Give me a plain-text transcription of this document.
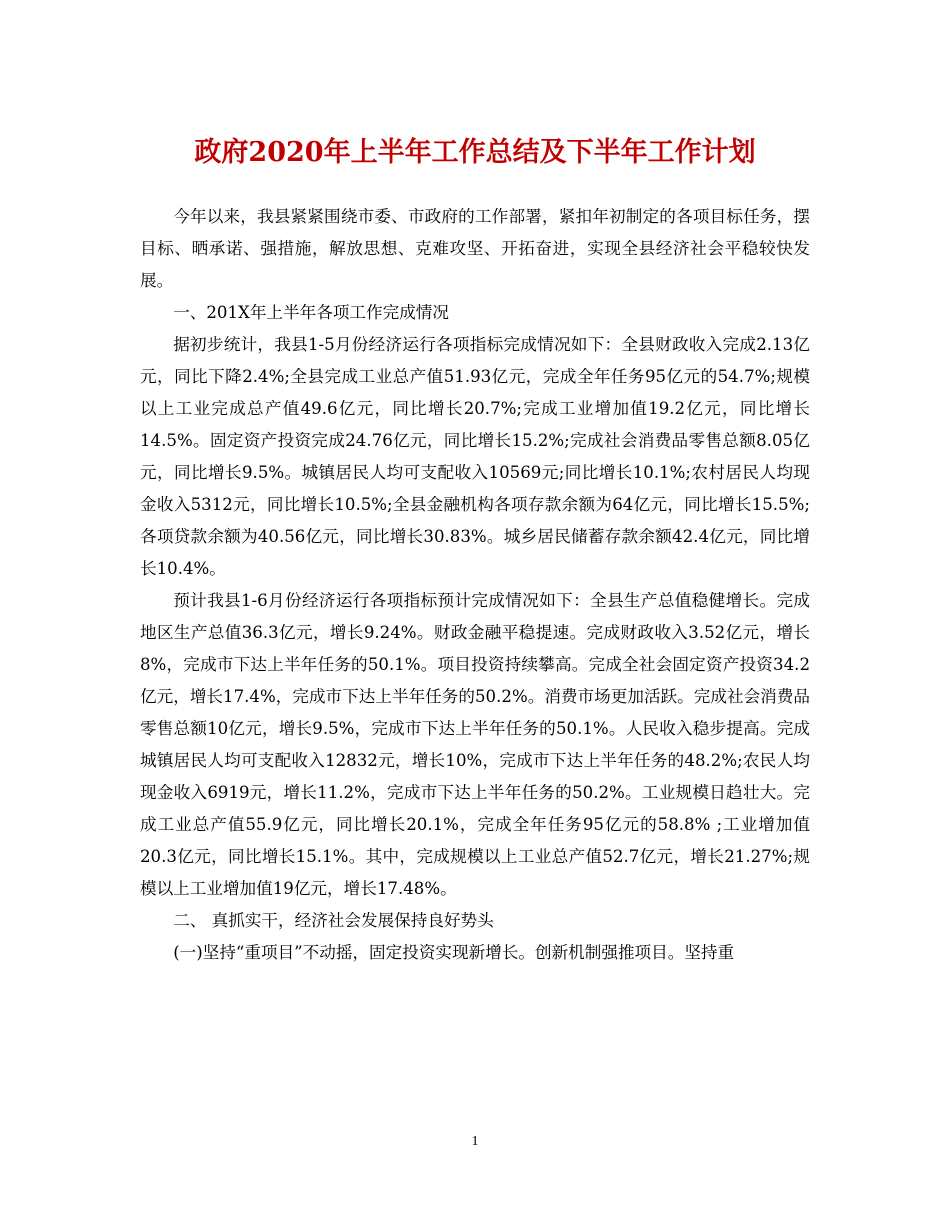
政府2020年上半年工作总结及下半年工作计划

今年以来，我县紧紧围绕市委、市政府的工作部署，紧扣年初制定的各项目标任务，摆目标、晒承诺、强措施，解放思想、克难攻坚、开拓奋进，实现全县经济社会平稳较快发展。

一、201X年上半年各项工作完成情况

据初步统计，我县1-5月份经济运行各项指标完成情况如下：全县财政收入完成2.13亿元，同比下降2.4%;全县完成工业总产值51.93亿元，完成全年任务95亿元的54.7%;规模以上工业完成总产值49.6亿元，同比增长20.7%;完成工业增加值19.2亿元，同比增长14.5%。固定资产投资完成24.76亿元，同比增长15.2%;完成社会消费品零售总额8.05亿元，同比增长9.5%。城镇居民人均可支配收入10569元;同比增长10.1%;农村居民人均现金收入5312元，同比增长10.5%;全县金融机构各项存款余额为64亿元，同比增长15.5%;各项贷款余额为40.56亿元，同比增长30.83%。城乡居民储蓄存款余额42.4亿元，同比增长10.4%。

预计我县1-6月份经济运行各项指标预计完成情况如下：全县生产总值稳健增长。完成地区生产总值36.3亿元，增长9.24%。财政金融平稳提速。完成财政收入3.52亿元，增长8%，完成市下达上半年任务的50.1%。项目投资持续攀高。完成全社会固定资产投资34.2亿元，增长17.4%，完成市下达上半年任务的50.2%。消费市场更加活跃。完成社会消费品零售总额10亿元，增长9.5%，完成市下达上半年任务的50.1%。人民收入稳步提高。完成城镇居民人均可支配收入12832元，增长10%，完成市下达上半年任务的48.2%;农民人均现金收入6919元，增长11.2%，完成市下达上半年任务的50.2%。工业规模日趋壮大。完成工业总产值55.9亿元，同比增长20.1%，完成全年任务95亿元的58.8% ;工业增加值20.3亿元，同比增长15.1%。其中，完成规模以上工业总产值52.7亿元，增长21.27%;规模以上工业增加值19亿元，增长17.48%。

二、 真抓实干，经济社会发展保持良好势头

(一)坚持“重项目”不动摇，固定投资实现新增长。创新机制强推项目。坚持重

1
